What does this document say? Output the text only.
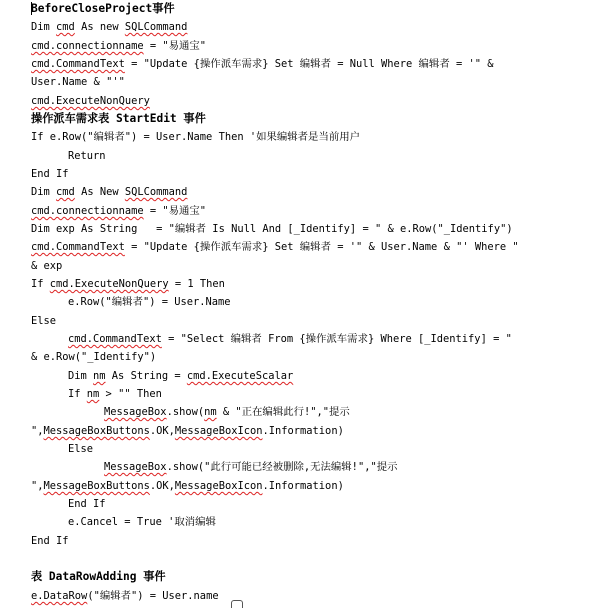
BeforeCloseProject事件
Dim cmd As new SQLCommand
cmd.connectionname = "易通宝"
cmd.CommandText = "Update {操作派车需求} Set 编辑者 = Null Where 编辑者 = '" &
User.Name & "'"
cmd.ExecuteNonQuery
操作派车需求表 StartEdit 事件
If e.Row("编辑者") = User.Name Then '如果编辑者是当前用户
Return
End If
Dim cmd As New SQLCommand
cmd.connectionname = "易通宝"
Dim exp As String   = "编辑者 Is Null And [_Identify] = " & e.Row("_Identify")
cmd.CommandText = "Update {操作派车需求} Set 编辑者 = '" & User.Name & "' Where "
& exp
If cmd.ExecuteNonQuery = 1 Then
e.Row("编辑者") = User.Name
Else
cmd.CommandText = "Select 编辑者 From {操作派车需求} Where [_Identify] = "
& e.Row("_Identify")
Dim nm As String = cmd.ExecuteScalar
If nm > "" Then
MessageBox.show(nm & "正在编辑此行!","提示
",MessageBoxButtons.OK,MessageBoxIcon.Information)
Else
MessageBox.show("此行可能已经被删除,无法编辑!","提示
",MessageBoxButtons.OK,MessageBoxIcon.Information)
End If
e.Cancel = True '取消编辑
End If
表 DataRowAdding 事件
e.DataRow("编辑者") = User.name
